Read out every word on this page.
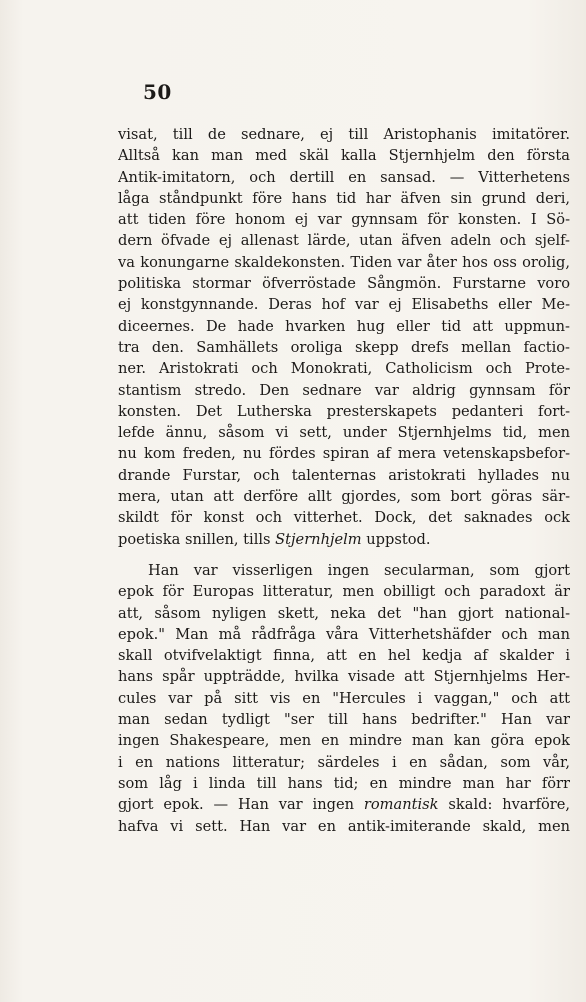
50
visat, till de sednare, ej till Aristophanis imitatörer.
Alltså kan man med skäl kalla Stjernhjelm den första
Antik-imitatorn, och dertill en sansad. — Vitterhetens
låga ståndpunkt före hans tid har äfven sin grund deri,
att tiden före honom ej var gynnsam för konsten. I Sö-
dern öfvade ej allenast lärde, utan äfven adeln och sjelf-
va konungarne skaldekonsten. Tiden var åter hos oss orolig,
politiska stormar öfverröstade Sångmön. Furstarne voro
ej konstgynnande. Deras hof var ej Elisabeths eller Me-
diceernes. De hade hvarken hug eller tid att uppmun-
tra den. Samhällets oroliga skepp drefs mellan factio-
ner. Aristokrati och Monokrati, Catholicism och Prote-
stantism stredo. Den sednare var aldrig gynnsam för
konsten. Det Lutherska presterskapets pedanteri fort-
lefde ännu, såsom vi sett, under Stjernhjelms tid, men
nu kom freden, nu fördes spiran af mera vetenskapsbefor-
drande Furstar, och talenternas aristokrati hyllades nu
mera, utan att derföre allt gjordes, som bort göras sär-
skildt för konst och vitterhet. Dock, det saknades ock
poetiska snillen, tills Stjernhjelm uppstod.
Han var visserligen ingen secularman, som gjort
epok för Europas litteratur, men obilligt och paradoxt är
att, såsom nyligen skett, neka det "han gjort national-
epok." Man må rådfråga våra Vitterhetshäfder och man
skall otvifvelaktigt finna, att en hel kedja af skalder i
hans spår uppträdde, hvilka visade att Stjernhjelms Her-
cules var på sitt vis en "Hercules i vaggan," och att
man sedan tydligt "ser till hans bedrifter." Han var
ingen Shakespeare, men en mindre man kan göra epok
i en nations litteratur; särdeles i en sådan, som vår,
som låg i linda till hans tid; en mindre man har förr
gjort epok. — Han var ingen romantisk skald: hvarföre,
hafva vi sett. Han var en antik-imiterande skald, men
